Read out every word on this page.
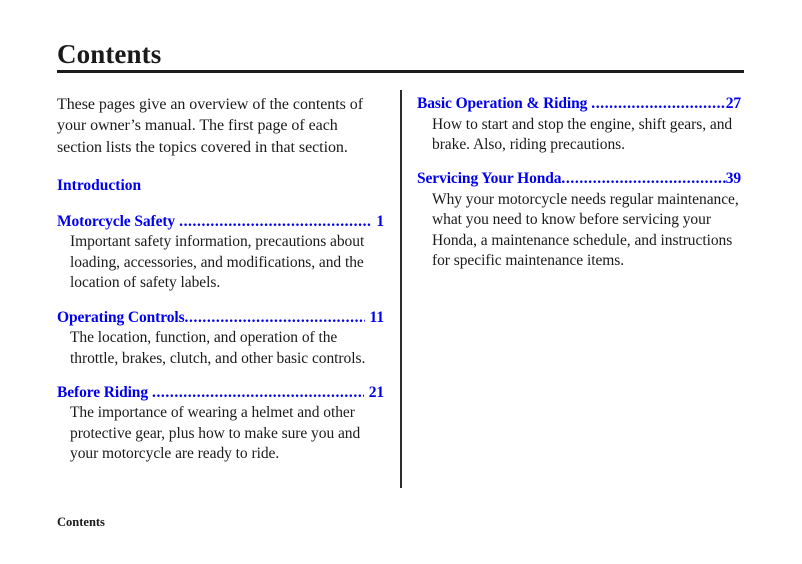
Contents

These pages give an overview of the contents of your owner’s manual. The first page of each section lists the topics covered in that section.

Introduction
Motorcycle Safety .....	1

Important safety information, precautions about loading, accessories, and modifications, and the location of safety labels.

Operating Controls .....	11

The location, function, and operation of the throttle, brakes, clutch, and other basic controls.

Before Riding .....	21

The importance of wearing a helmet and other protective gear, plus how to make sure you and your motorcycle are ready to ride.

Basic Operation & Riding .....	27

How to start and stop the engine, shift gears, and brake. Also, riding precautions.

Servicing Your Honda .....	39

Why your motorcycle needs regular maintenance, what you need to know before servicing your Honda, a maintenance schedule, and instructions for specific maintenance items.

Contents
